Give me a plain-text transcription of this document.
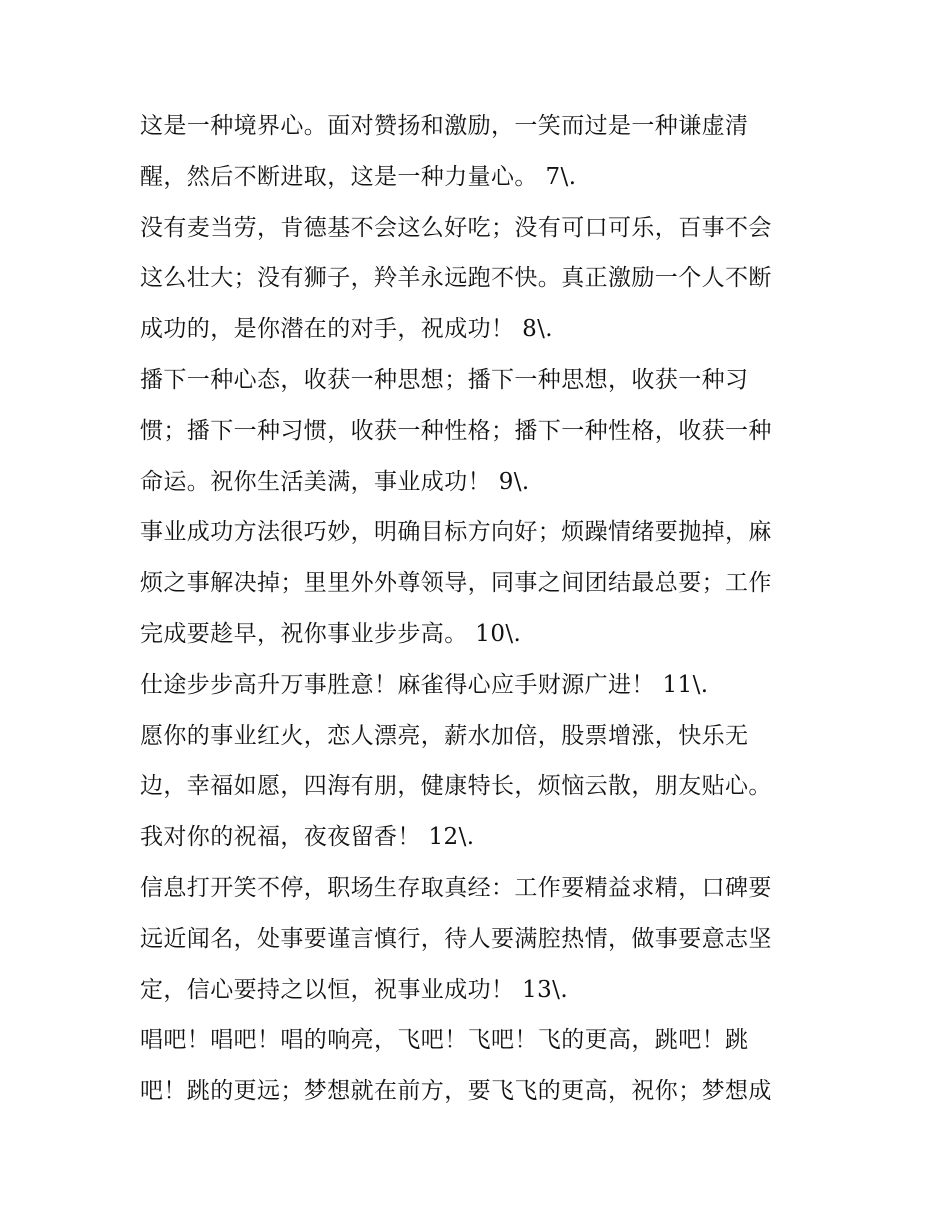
这是一种境界心。面对赞扬和激励，一笑而过是一种谦虚清
醒，然后不断进取，这是一种力量心。 7\.
没有麦当劳，肯德基不会这么好吃；没有可口可乐，百事不会
这么壮大；没有狮子，羚羊永远跑不快。真正激励一个人不断
成功的，是你潜在的对手，祝成功！ 8\.
播下一种心态，收获一种思想；播下一种思想，收获一种习
惯；播下一种习惯，收获一种性格；播下一种性格，收获一种
命运。祝你生活美满，事业成功！ 9\.
事业成功方法很巧妙，明确目标方向好；烦躁情绪要抛掉，麻
烦之事解决掉；里里外外尊领导，同事之间团结最总要；工作
完成要趁早，祝你事业步步高。 10\.
仕途步步高升万事胜意！麻雀得心应手财源广进！ 11\.
愿你的事业红火，恋人漂亮，薪水加倍，股票增涨，快乐无
边，幸福如愿，四海有朋，健康特长，烦恼云散，朋友贴心。
我对你的祝福，夜夜留香！ 12\.
信息打开笑不停，职场生存取真经：工作要精益求精，口碑要
远近闻名，处事要谨言慎行，待人要满腔热情，做事要意志坚
定，信心要持之以恒，祝事业成功！ 13\.
唱吧！唱吧！唱的响亮，飞吧！飞吧！飞的更高，跳吧！跳
吧！跳的更远；梦想就在前方，要飞飞的更高，祝你；梦想成
